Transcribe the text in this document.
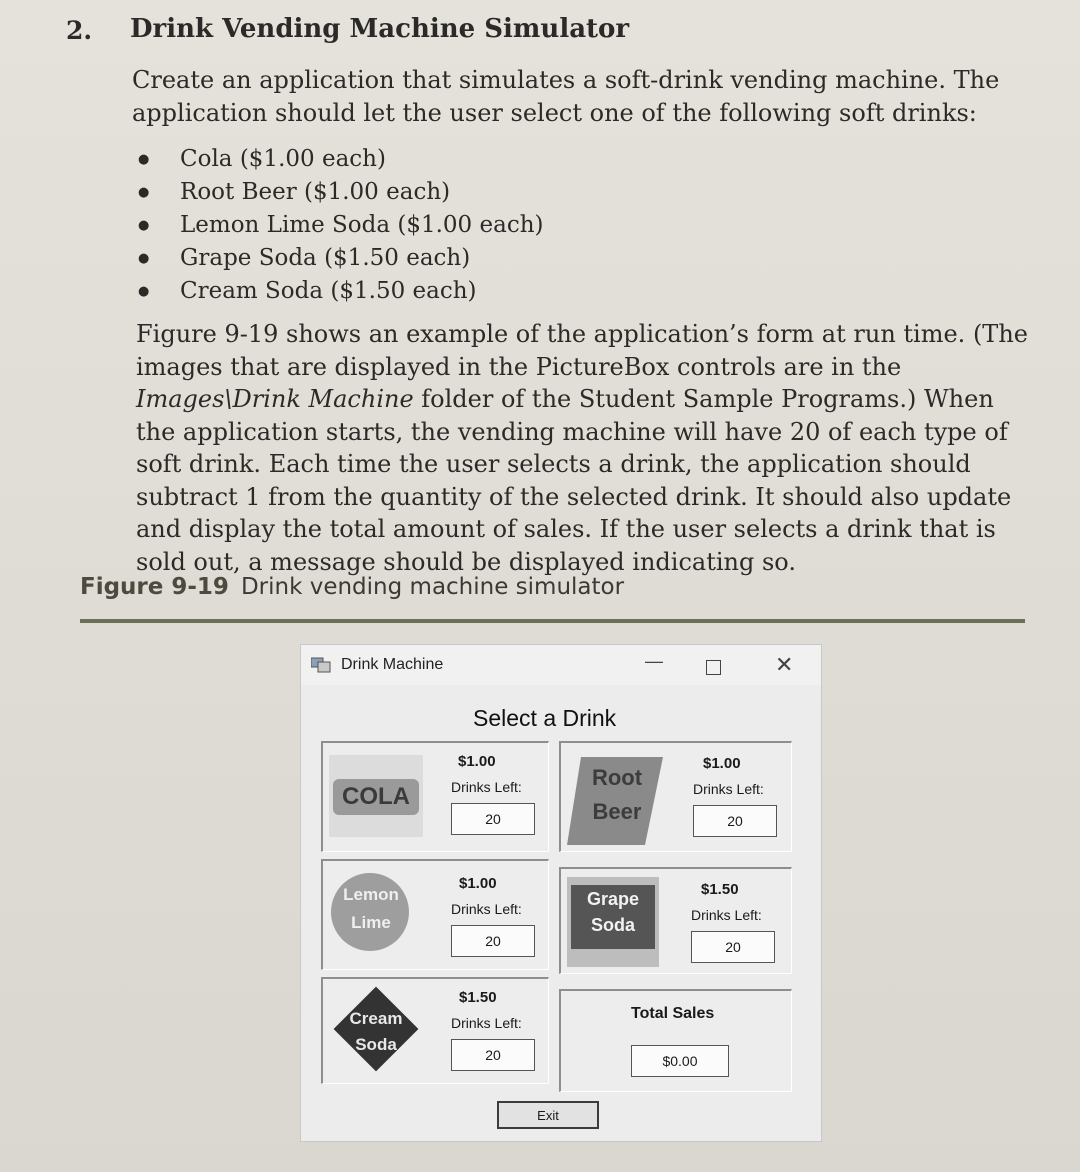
2. Drink Vending Machine Simulator
Create an application that simulates a soft-drink vending machine. The application should let the user select one of the following soft drinks:
● Cola ($1.00 each)
● Root Beer ($1.00 each)
● Lemon Lime Soda ($1.00 each)
● Grape Soda ($1.50 each)
● Cream Soda ($1.50 each)
Figure 9-19 shows an example of the application’s form at run time. (The images that are displayed in the PictureBox controls are in the Images\Drink Machine folder of the Student Sample Programs.) When the application starts, the vending machine will have 20 of each type of soft drink. Each time the user selects a drink, the application should subtract 1 from the quantity of the selected drink. It should also update and display the total amount of sales. If the user selects a drink that is sold out, a message should be displayed indicating so.
Figure 9-19 Drink vending machine simulator
Drink Machine	—	✕
Select a Drink
COLA
$1.00
Drinks Left:
20
Root
Beer
$1.00
Drinks Left:
20
Lemon
Lime
$1.00
Drinks Left:
20
Grape
Soda
$1.50
Drinks Left:
20
Cream
Soda
$1.50
Drinks Left:
20
Total Sales
$0.00
Exit
